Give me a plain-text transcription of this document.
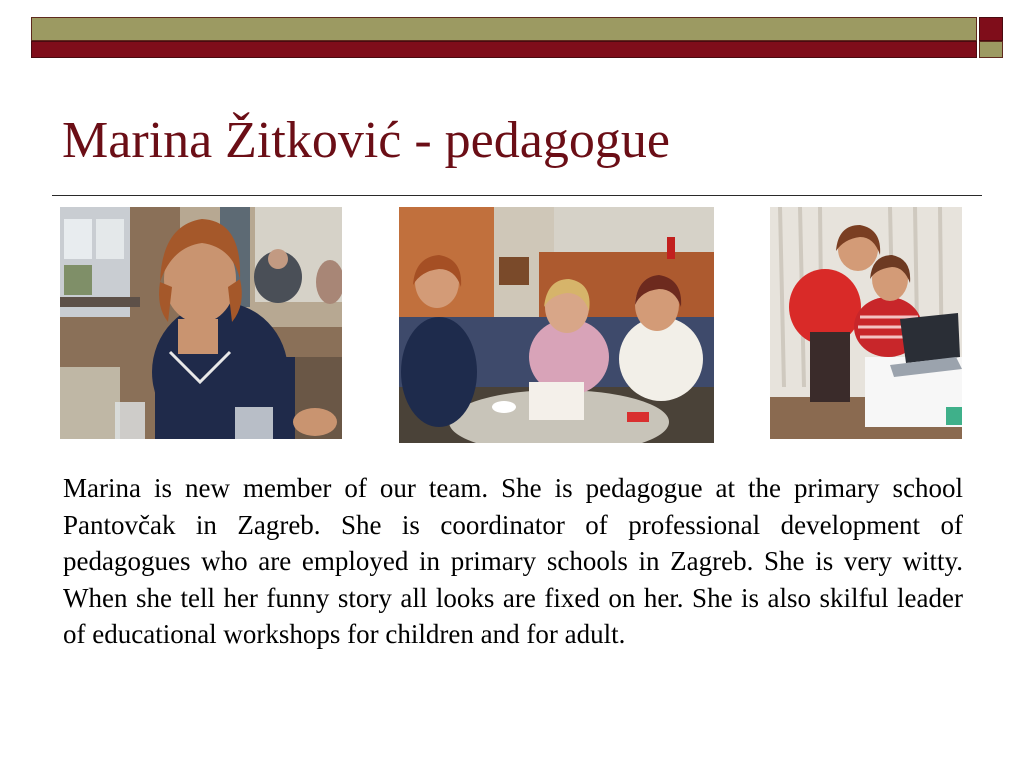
Marina Žitković - pedagogue

Marina is new member of our team. She is pedagogue at the primary school Pantovčak in Zagreb. She is coordinator of professional development of pedagogues who are employed in primary schools in Zagreb. She is very witty. When she tell her funny story all looks are fixed on her. She is also skilful leader of educational workshops for children and for adult.
